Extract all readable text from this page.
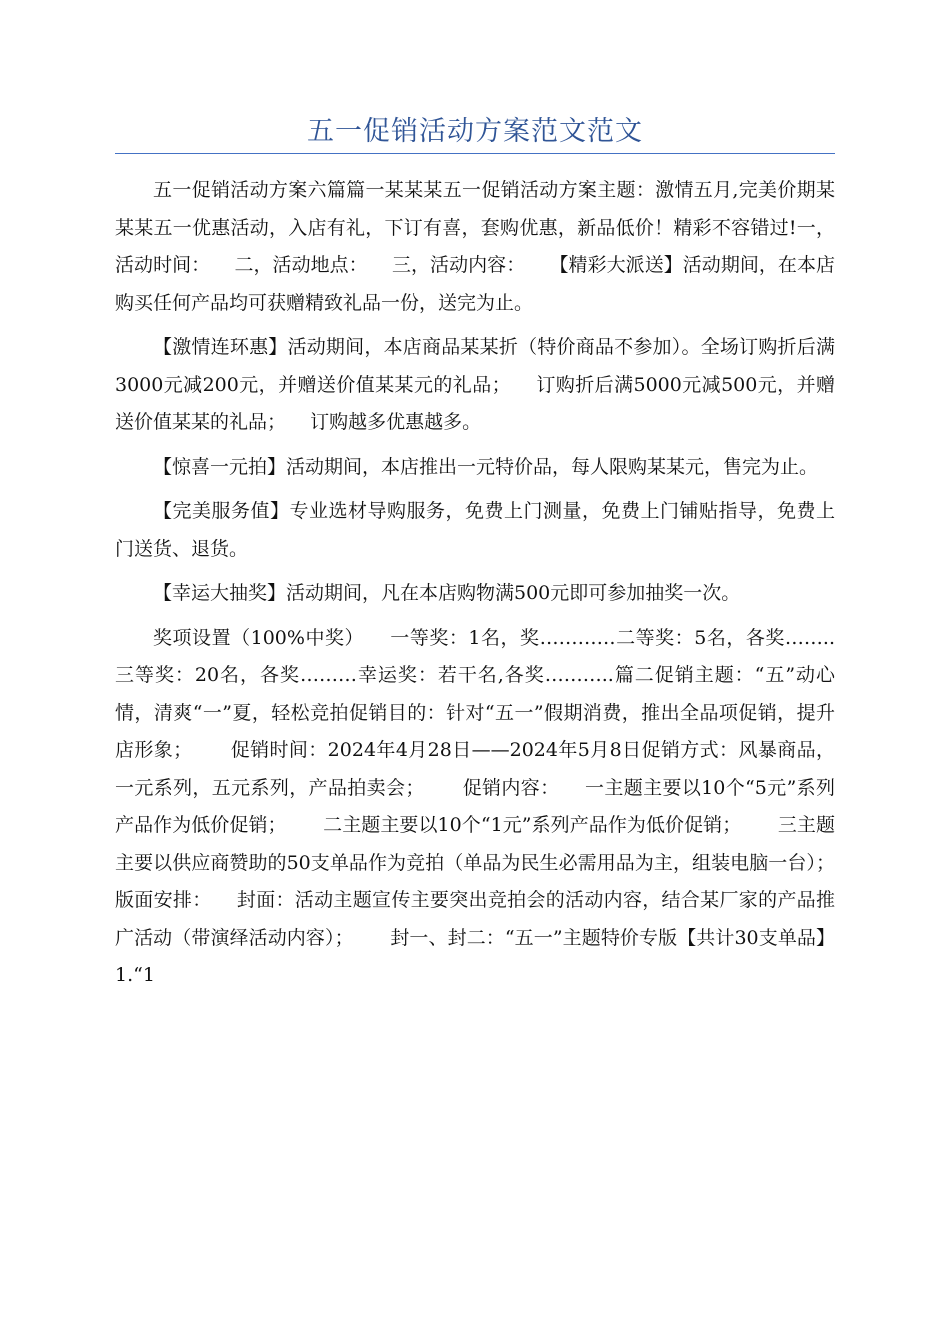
五一促销活动方案范文范文

五一促销活动方案六篇篇一某某某五一促销活动方案主题：激情五月,完美价期某某某五一优惠活动，入店有礼，下订有喜，套购优惠，新品低价！精彩不容错过!一，活动时间：    二，活动地点：    三，活动内容：    【精彩大派送】活动期间，在本店购买任何产品均可获赠精致礼品一份，送完为止。

【激情连环惠】活动期间，本店商品某某折（特价商品不参加）。全场订购折后满3000元减200元，并赠送价值某某元的礼品；    订购折后满5000元减500元，并赠送价值某某的礼品；    订购越多优惠越多。

【惊喜一元拍】活动期间，本店推出一元特价品，每人限购某某元，售完为止。

【完美服务值】专业选材导购服务，免费上门测量，免费上门铺贴指导，免费上门送货、退货。

【幸运大抽奖】活动期间，凡在本店购物满500元即可参加抽奖一次。

奖项设置（100%中奖）    一等奖：1名，奖…………二等奖：5名，各奖……..三等奖：20名，各奖………幸运奖：若干名,各奖………..篇二促销主题：“五”动心情，清爽“一”夏，轻松竞拍促销目的：针对“五一”假期消费，推出全品项促销，提升店形象；      促销时间：2024年4月28日——2024年5月8日促销方式：风暴商品，一元系列，五元系列，产品拍卖会；      促销内容：    一主题主要以10个“5元”系列产品作为低价促销；      二主题主要以10个“1元”系列产品作为低价促销；      三主题主要以供应商赞助的50支单品作为竞拍（单品为民生必需用品为主，组装电脑一台）；      版面安排：    封面：活动主题宣传主要突出竞拍会的活动内容，结合某厂家的产品推广活动（带演绎活动内容）；      封一、封二：“五一”主题特价专版【共计30支单品】1.“1
